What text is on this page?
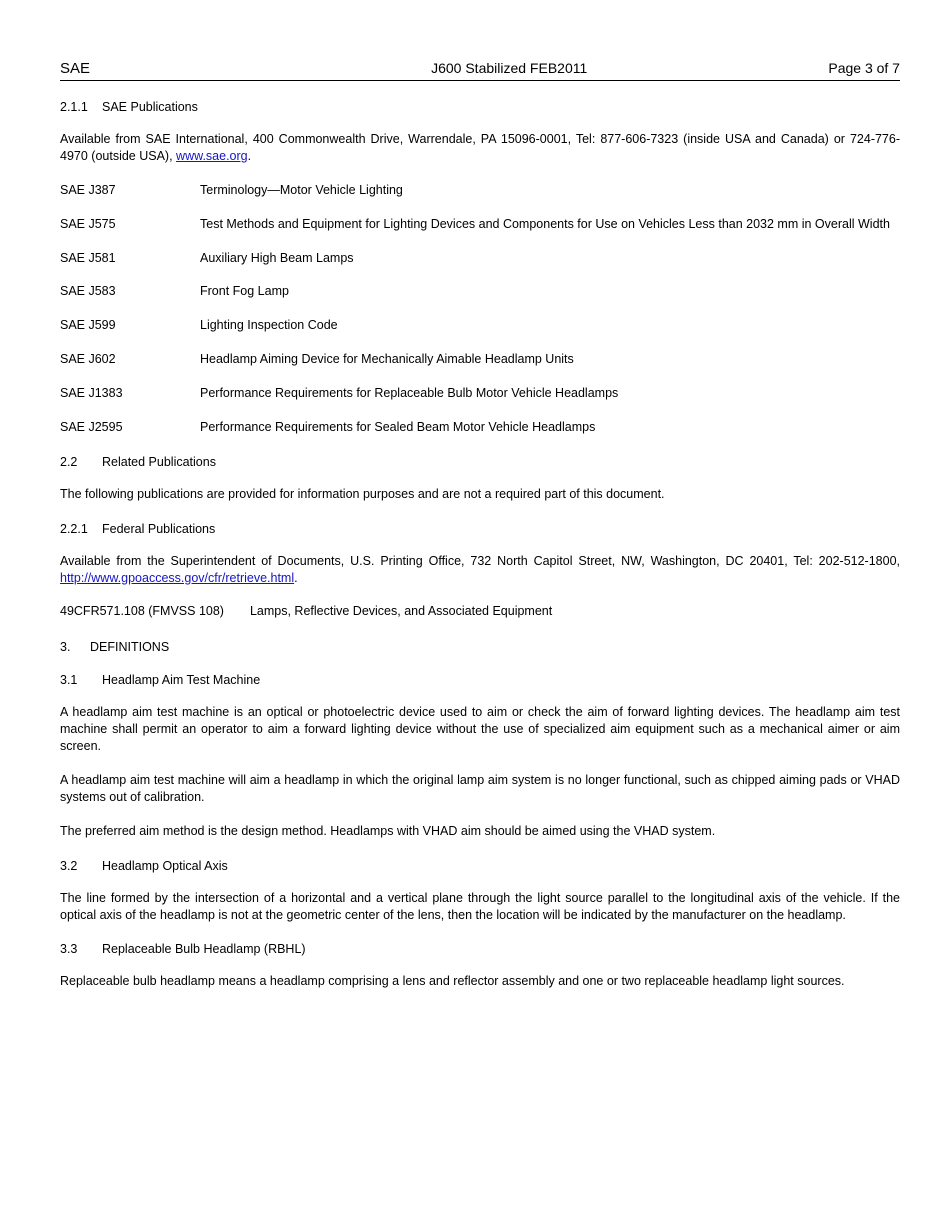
SAE	J600 Stabilized FEB2011	Page 3 of 7
2.1.1	SAE Publications
Available from SAE International, 400 Commonwealth Drive, Warrendale, PA 15096-0001, Tel: 877-606-7323 (inside USA and Canada) or 724-776-4970 (outside USA), www.sae.org.
SAE J387	Terminology—Motor Vehicle Lighting
SAE J575	Test Methods and Equipment for Lighting Devices and Components for Use on Vehicles Less than 2032 mm in Overall Width
SAE J581	Auxiliary High Beam Lamps
SAE J583	Front Fog Lamp
SAE J599	Lighting Inspection Code
SAE J602	Headlamp Aiming Device for Mechanically Aimable Headlamp Units
SAE J1383	Performance Requirements for Replaceable Bulb Motor Vehicle Headlamps
SAE J2595	Performance Requirements for Sealed Beam Motor Vehicle Headlamps
2.2	Related Publications
The following publications are provided for information purposes and are not a required part of this document.
2.2.1	Federal Publications
Available from the Superintendent of Documents, U.S. Printing Office, 732 North Capitol Street, NW, Washington, DC 20401, Tel: 202-512-1800, http://www.gpoaccess.gov/cfr/retrieve.html.
49CFR571.108 (FMVSS 108) Lamps, Reflective Devices, and Associated Equipment
3.	DEFINITIONS
3.1	Headlamp Aim Test Machine
A headlamp aim test machine is an optical or photoelectric device used to aim or check the aim of forward lighting devices. The headlamp aim test machine shall permit an operator to aim a forward lighting device without the use of specialized aim equipment such as a mechanical aimer or aim screen.
A headlamp aim test machine will aim a headlamp in which the original lamp aim system is no longer functional, such as chipped aiming pads or VHAD systems out of calibration.
The preferred aim method is the design method. Headlamps with VHAD aim should be aimed using the VHAD system.
3.2	Headlamp Optical Axis
The line formed by the intersection of a horizontal and a vertical plane through the light source parallel to the longitudinal axis of the vehicle. If the optical axis of the headlamp is not at the geometric center of the lens, then the location will be indicated by the manufacturer on the headlamp.
3.3	Replaceable Bulb Headlamp (RBHL)
Replaceable bulb headlamp means a headlamp comprising a lens and reflector assembly and one or two replaceable headlamp light sources.
